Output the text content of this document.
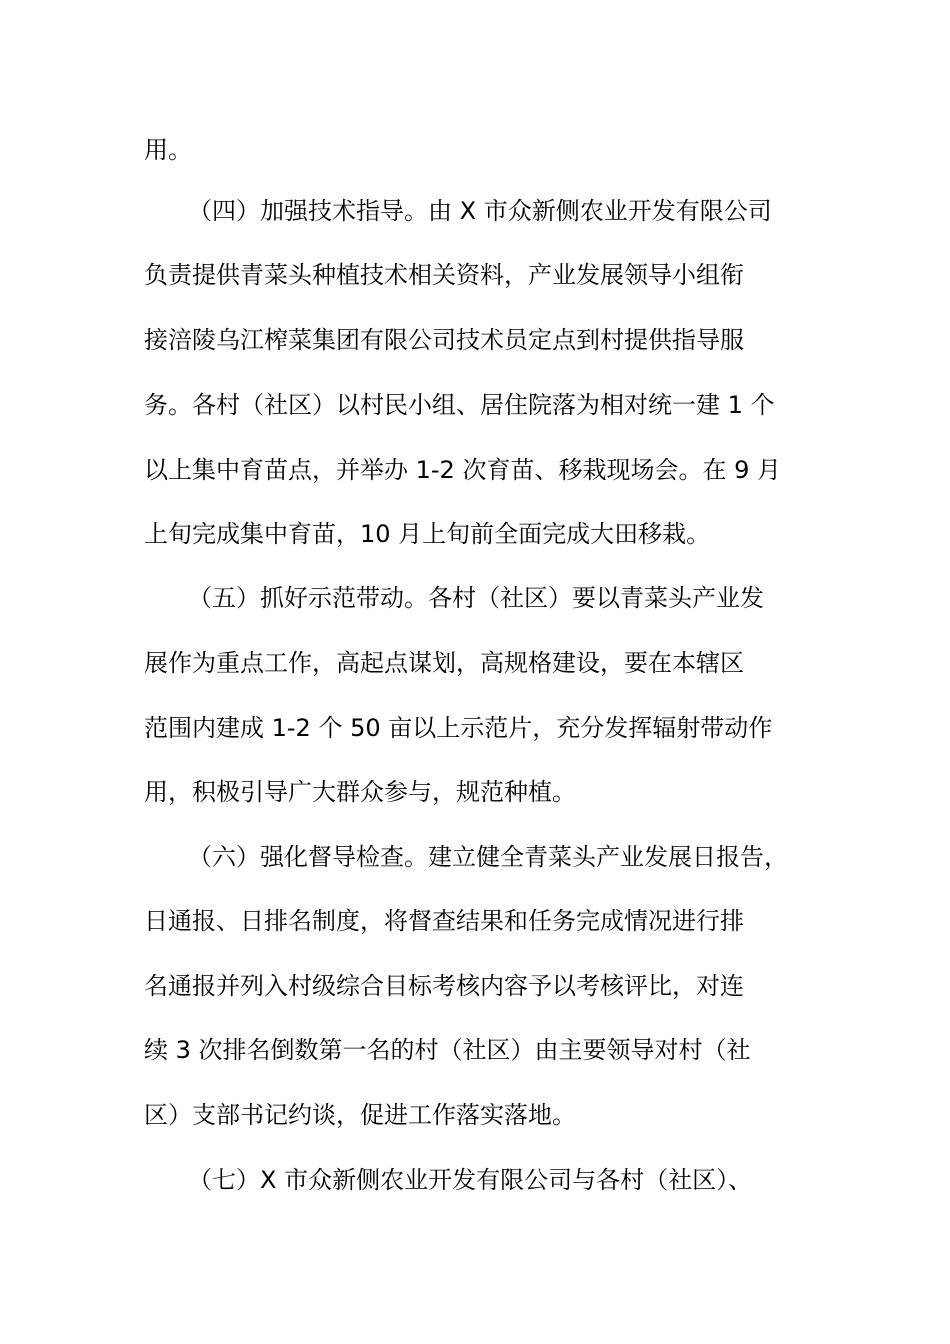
用。
（四）加强技术指导。由 X 市众新侧农业开发有限公司
负责提供青菜头种植技术相关资料，产业发展领导小组衔
接涪陵乌江榨菜集团有限公司技术员定点到村提供指导服
务。各村（社区）以村民小组、居住院落为相对统一建 1 个
以上集中育苗点，并举办 1-2 次育苗、移栽现场会。在 9 月
上旬完成集中育苗，10 月上旬前全面完成大田移栽。
（五）抓好示范带动。各村（社区）要以青菜头产业发
展作为重点工作，高起点谋划，高规格建设，要在本辖区
范围内建成 1-2 个 50 亩以上示范片，充分发挥辐射带动作
用，积极引导广大群众参与，规范种植。
（六）强化督导检查。建立健全青菜头产业发展日报告，
日通报、日排名制度，将督查结果和任务完成情况进行排
名通报并列入村级综合目标考核内容予以考核评比，对连
续 3 次排名倒数第一名的村（社区）由主要领导对村（社
区）支部书记约谈，促进工作落实落地。
（七）X 市众新侧农业开发有限公司与各村（社区）、
